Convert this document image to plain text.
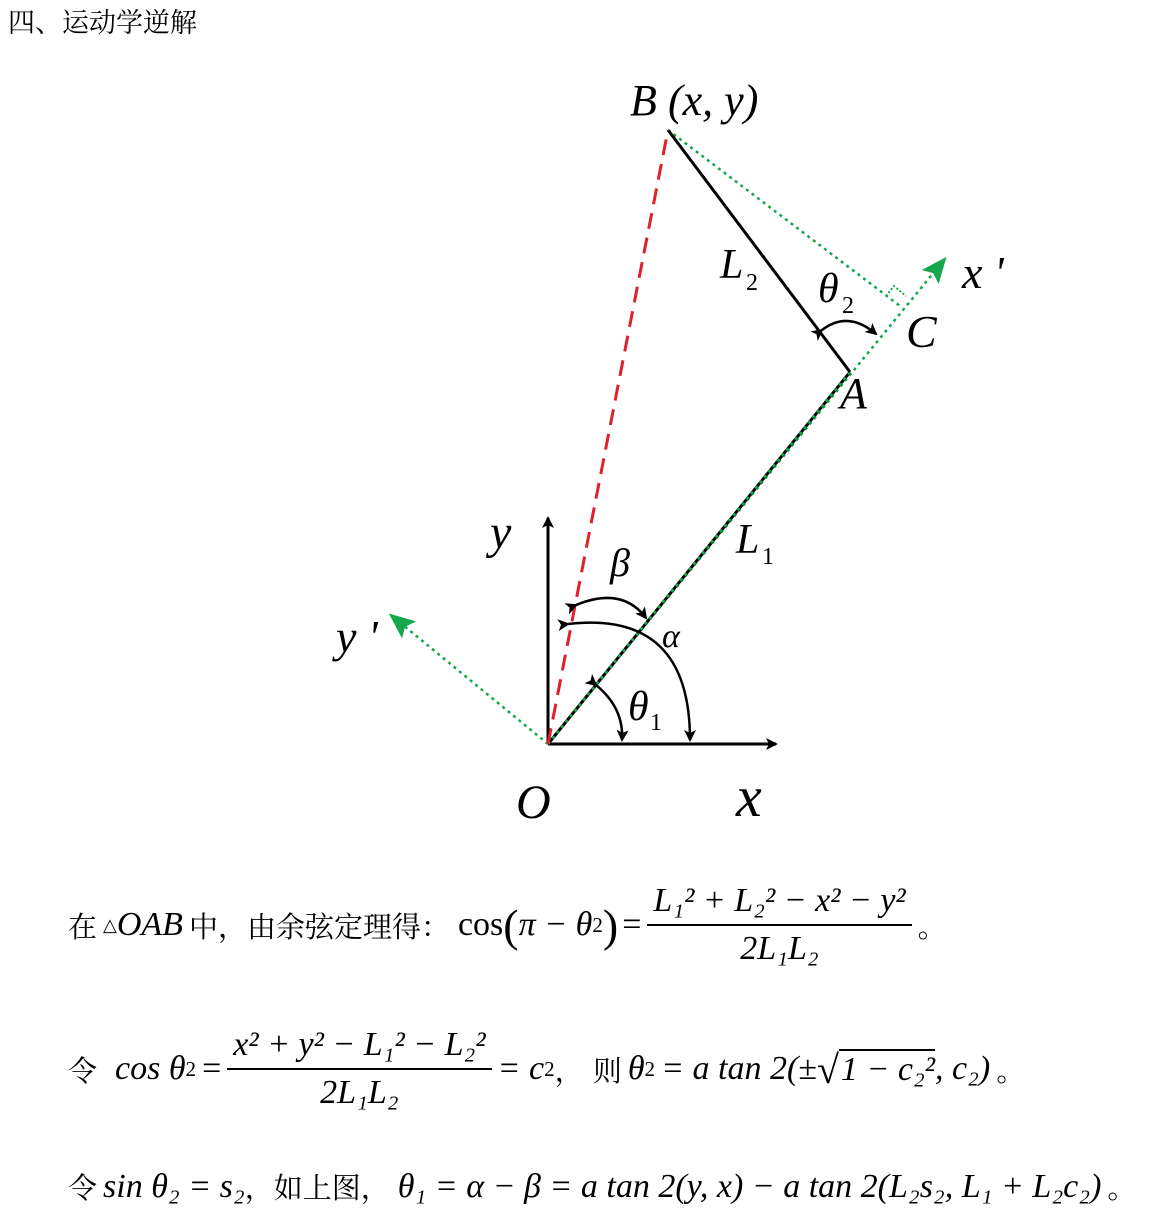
四、运动学逆解
B (x, y)
L 2 θ 2
x '
C
A
L 1
y
β
y '	α
θ 1
O	x
在 △ OAB 中，由余弦定理得： cos ( π − θ 2 ) = $\frac{\text{L₁² + L₂² − x² − y²}}{\text{2L₁L₂}}$ 。
令 cos θ $2 = \frac{\text{x² + y² − L₁² − L₂²}}{\text{2L₁L₂}} = c$ 2 ， 则 θ 2 = a tan 2(± √ 1 − c₂² , c₂) 。
令 sin θ₂ = s₂ ，如上图， θ₁ = α − β = a tan 2(y, x) − a tan 2(L₂s₂, L₁ + L₂c₂) 。
